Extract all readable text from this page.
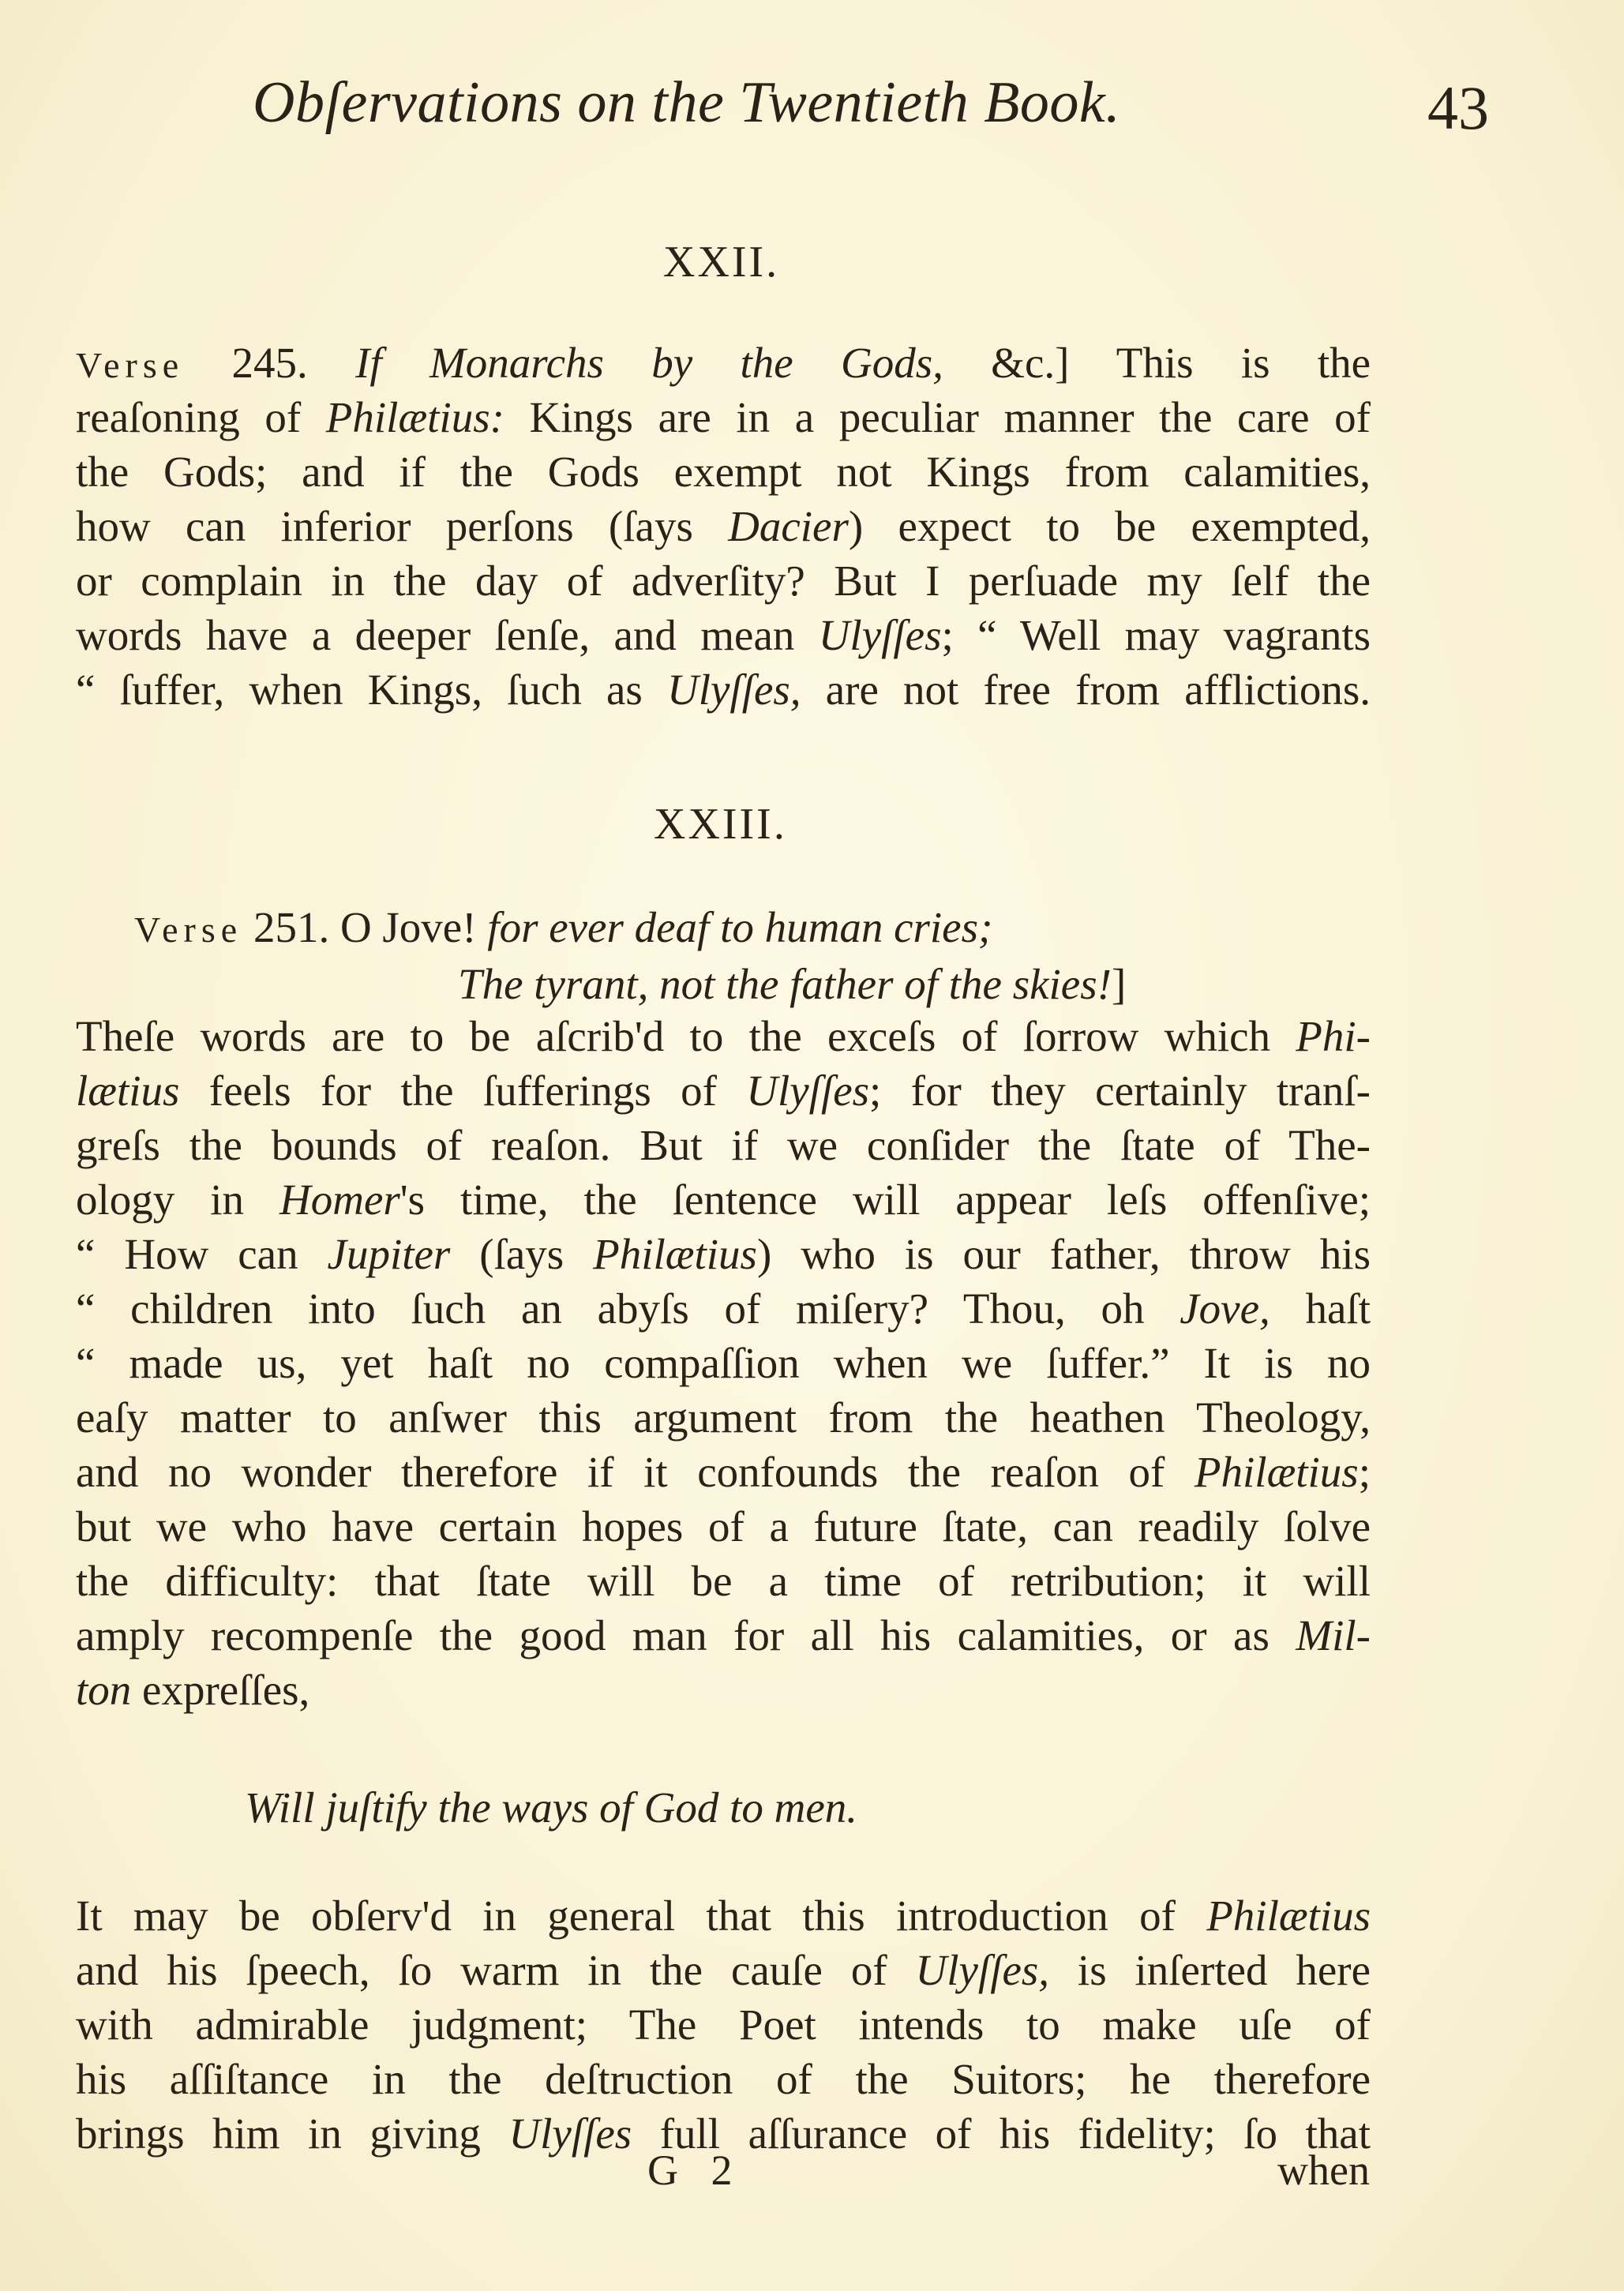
Obſervations on the Twentieth Book.	43
XXII.
Verse 245. If Monarchs by the Gods, &c.] This is the
reaſoning of Philætius: Kings are in a peculiar manner the care of
the Gods; and if the Gods exempt not Kings from calamities,
how can inferior perſons (ſays Dacier) expect to be exempted,
or complain in the day of adverſity? But I perſuade my ſelf the
words have a deeper ſenſe, and mean Ulyſſes; “ Well may vagrants
“ ſuffer, when Kings, ſuch as Ulyſſes, are not free from afflictions.
XXIII.
Verse 251. O Jove! for ever deaf to human cries;
The tyrant, not the father of the skies!]
Theſe words are to be aſcrib'd to the exceſs of ſorrow which Phi-
lætius feels for the ſufferings of Ulyſſes; for they certainly tranſ-
greſs the bounds of reaſon. But if we conſider the ſtate of The-
ology in Homer's time, the ſentence will appear leſs offenſive;
“ How can Jupiter (ſays Philætius) who is our father, throw his
“ children into ſuch an abyſs of miſery? Thou, oh Jove, haſt
“ made us, yet haſt no compaſſion when we ſuffer.” It is no
eaſy matter to anſwer this argument from the heathen Theology,
and no wonder therefore if it confounds the reaſon of Philætius;
but we who have certain hopes of a future ſtate, can readily ſolve
the difficulty: that ſtate will be a time of retribution; it will
amply recompenſe the good man for all his calamities, or as Mil-
ton expreſſes,
Will juſtify the ways of God to men.
It may be obſerv'd in general that this introduction of Philætius
and his ſpeech, ſo warm in the cauſe of Ulyſſes, is inſerted here
with admirable judgment; The Poet intends to make uſe of
his aſſiſtance in the deſtruction of the Suitors; he therefore
brings him in giving Ulyſſes full aſſurance of his fidelity; ſo that
G 2	when
